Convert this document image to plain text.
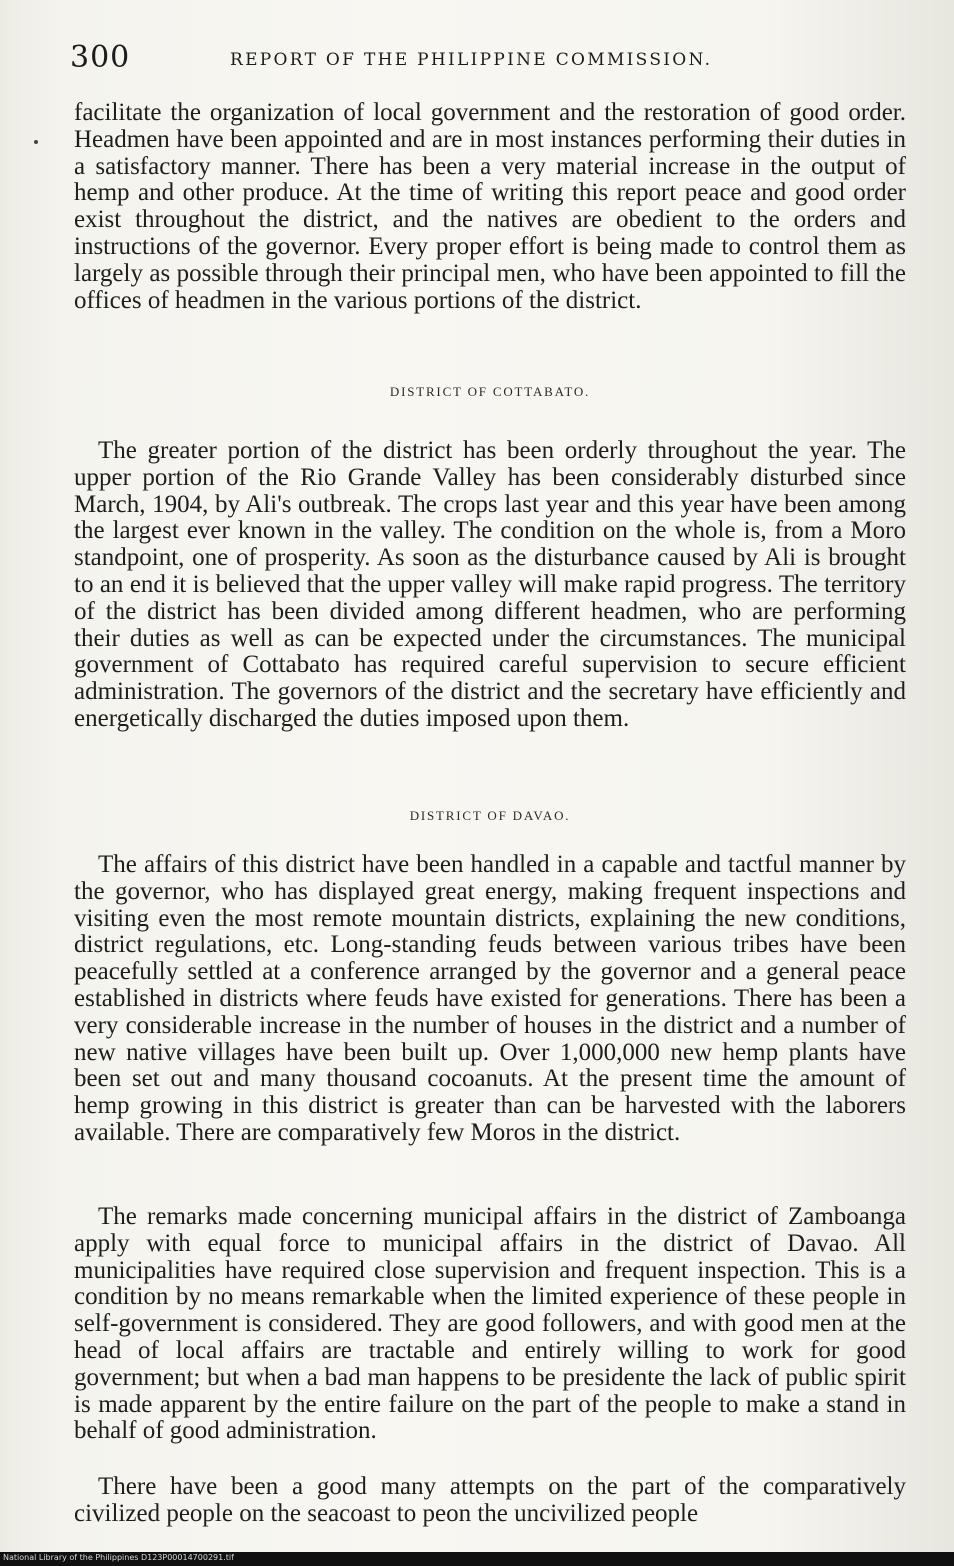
300	REPORT OF THE PHILIPPINE COMMISSION.

facilitate the organization of local government and the restoration of good order. Headmen have been appointed and are in most instances performing their duties in a satisfactory manner. There has been a very material increase in the output of hemp and other produce. At the time of writing this report peace and good order exist throughout the district, and the natives are obedient to the orders and instructions of the governor. Every proper effort is being made to control them as largely as possible through their principal men, who have been appointed to fill the offices of headmen in the various portions of the district.

DISTRICT OF COTTABATO.

The greater portion of the district has been orderly throughout the year. The upper portion of the Rio Grande Valley has been considerably disturbed since March, 1904, by Ali's outbreak. The crops last year and this year have been among the largest ever known in the valley. The condition on the whole is, from a Moro standpoint, one of prosperity. As soon as the disturbance caused by Ali is brought to an end it is believed that the upper valley will make rapid progress. The territory of the district has been divided among different headmen, who are performing their duties as well as can be expected under the circumstances. The municipal government of Cottabato has required careful supervision to secure efficient administration. The governors of the district and the secretary have efficiently and energetically discharged the duties imposed upon them.

DISTRICT OF DAVAO.

The affairs of this district have been handled in a capable and tactful manner by the governor, who has displayed great energy, making frequent inspections and visiting even the most remote mountain districts, explaining the new conditions, district regulations, etc. Long-standing feuds between various tribes have been peacefully settled at a conference arranged by the governor and a general peace established in districts where feuds have existed for generations. There has been a very considerable increase in the number of houses in the district and a number of new native villages have been built up. Over 1,000,000 new hemp plants have been set out and many thousand cocoanuts. At the present time the amount of hemp growing in this district is greater than can be harvested with the laborers available. There are comparatively few Moros in the district.

The remarks made concerning municipal affairs in the district of Zamboanga apply with equal force to municipal affairs in the district of Davao. All municipalities have required close supervision and frequent inspection. This is a condition by no means remarkable when the limited experience of these people in self-government is considered. They are good followers, and with good men at the head of local affairs are tractable and entirely willing to work for good government; but when a bad man happens to be presidente the lack of public spirit is made apparent by the entire failure on the part of the people to make a stand in behalf of good administration.

There have been a good many attempts on the part of the comparatively civilized people on the seacoast to peon the uncivilized people

National Library of the Philippines D123P00014700291.tif
